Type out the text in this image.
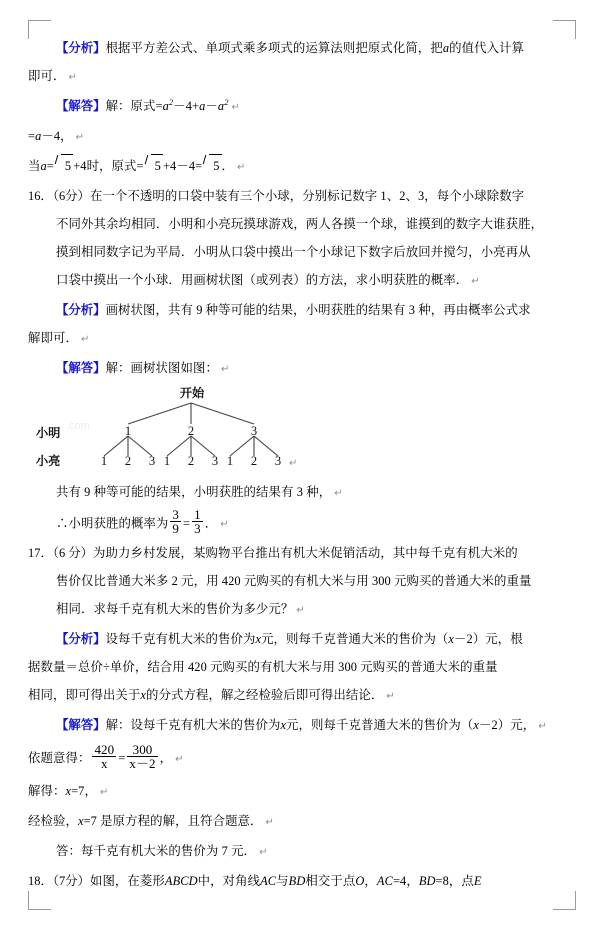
【分析】根据平方差公式、单项式乘多项式的运算法则把原式化简，把a的值代入计算
即可． ↵
【解答】解：原式$=a^2-4+a-a^2↵$
=a－4， ↵
当a= 5 +4时，原式= 5 +4－4= 5 ． ↵
16．（6分）在一个不透明的口袋中装有三个小球，分别标记数字 1、2、3，每个小球除数字
不同外其余均相同．小明和小亮玩摸球游戏，两人各摸一个球，谁摸到的数字大谁获胜，
摸到相同数字记为平局．小明从口袋中摸出一个小球记下数字后放回并搅匀，小亮再从
口袋中摸出一个小球．用画树状图（或列表）的方法，求小明获胜的概率． ↵
【分析】画树状图，共有 9 种等可能的结果，小明获胜的结果有 3 种，再由概率公式求
解即可． ↵
【解答】解：画树状图如图： ↵
.com
开始
小明
小亮
1	2	3
1	2	3 1	2	3 1	2	3 ↵
共有 9 种等可能的结果，小明获胜的结果有 3 种， ↵
∴小明获胜的概率为 $\frac{3}{9} = \frac{1}{3}$ ． ↵
17．（6 分）为助力乡村发展，某购物平台推出有机大米促销活动，其中每千克有机大米的
售价仅比普通大米多 2 元，用 420 元购买的有机大米与用 300 元购买的普通大米的重量
相同．求每千克有机大米的售价为多少元？ ↵
【分析】设每千克有机大米的售价为x元，则每千克普通大米的售价为（x－2）元，根
据数量＝总价÷单价，结合用 420 元购买的有机大米与用 300 元购买的普通大米的重量
相同，即可得出关于x的分式方程，解之经检验后即可得出结论． ↵
【解答】解：设每千克有机大米的售价为x元，则每千克普通大米的售价为（x－2）元， ↵
依题意得： $\frac{420}{x} = \frac{300}{x-2}$ ， ↵
解得：x=7， ↵
经检验，x=7 是原方程的解，且符合题意． ↵
答：每千克有机大米的售价为 7 元． ↵
18．（7分）如图，在菱形ABCD中，对角线AC与BD相交于点O，AC=4，BD=8，点E
